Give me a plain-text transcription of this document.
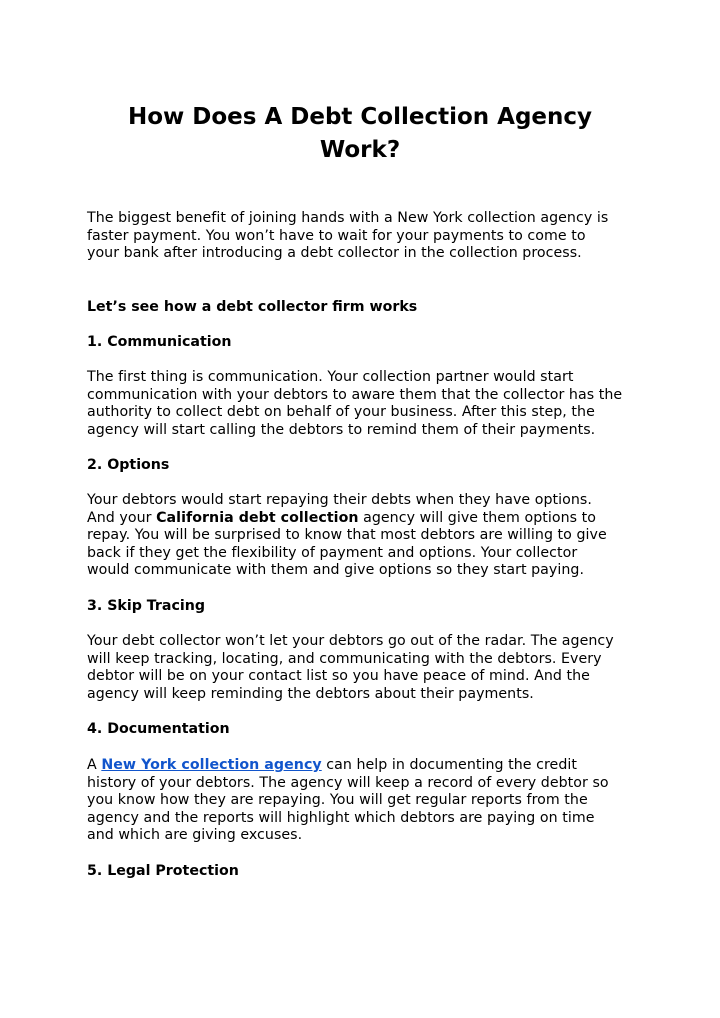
How Does A Debt Collection Agency
Work?

The biggest benefit of joining hands with a New York collection agency is
faster payment. You won’t have to wait for your payments to come to
your bank after introducing a debt collector in the collection process.

Let’s see how a debt collector firm works

1. Communication

The first thing is communication. Your collection partner would start
communication with your debtors to aware them that the collector has the
authority to collect debt on behalf of your business. After this step, the
agency will start calling the debtors to remind them of their payments.

2. Options

Your debtors would start repaying their debts when they have options.
And your California debt collection agency will give them options to
repay. You will be surprised to know that most debtors are willing to give
back if they get the flexibility of payment and options. Your collector
would communicate with them and give options so they start paying.

3. Skip Tracing

Your debt collector won’t let your debtors go out of the radar. The agency
will keep tracking, locating, and communicating with the debtors. Every
debtor will be on your contact list so you have peace of mind. And the
agency will keep reminding the debtors about their payments.

4. Documentation

A New York collection agency can help in documenting the credit
history of your debtors. The agency will keep a record of every debtor so
you know how they are repaying. You will get regular reports from the
agency and the reports will highlight which debtors are paying on time
and which are giving excuses.

5. Legal Protection
